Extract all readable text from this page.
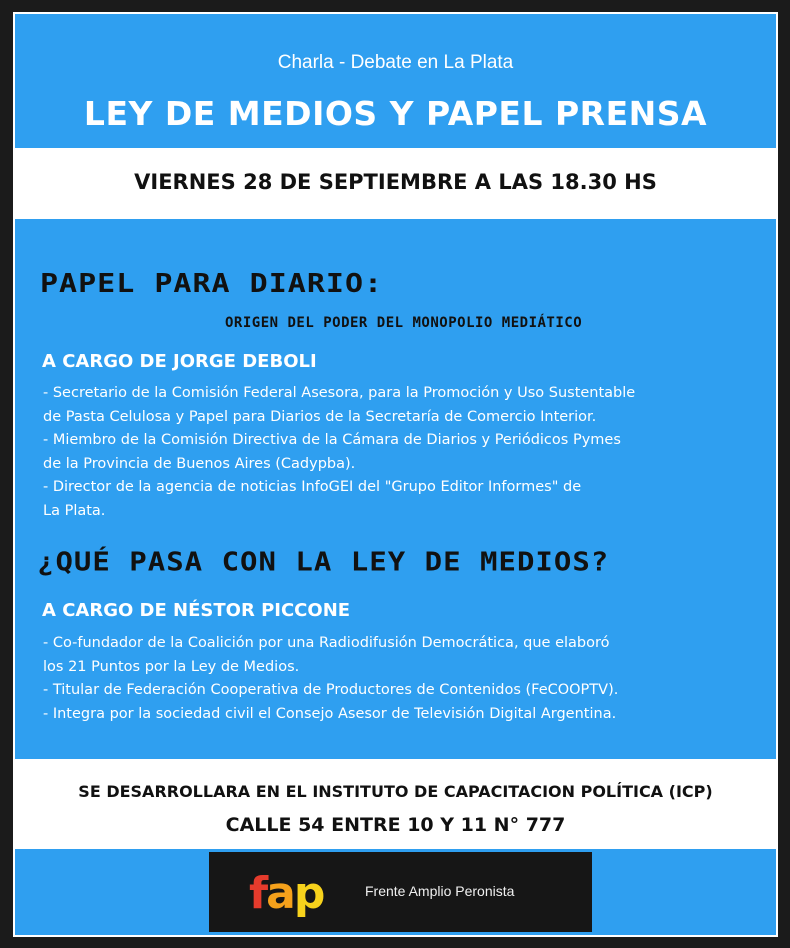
Charla - Debate en La Plata
LEY DE MEDIOS Y PAPEL PRENSA
VIERNES 28 DE SEPTIEMBRE A LAS 18.30 HS
PAPEL PARA DIARIO:
ORIGEN DEL PODER DEL MONOPOLIO MEDIÁTICO
A CARGO DE JORGE DEBOLI
- Secretario de la Comisión Federal Asesora, para la Promoción y Uso Sustentable
de Pasta Celulosa y Papel para Diarios de la Secretaría de Comercio Interior.
- Miembro de la Comisión Directiva de la Cámara de Diarios y Periódicos Pymes
de la Provincia de Buenos Aires (Cadypba).
- Director de la agencia de noticias InfoGEI del "Grupo Editor Informes" de
La Plata.
¿QUÉ PASA CON LA LEY DE MEDIOS?
A CARGO DE NÉSTOR PICCONE
- Co-fundador de la Coalición por una Radiodifusión Democrática, que elaboró
los 21 Puntos por la Ley de Medios.
- Titular de Federación Cooperativa de Productores de Contenidos (FeCOOPTV).
- Integra por la sociedad civil el Consejo Asesor de Televisión Digital Argentina.
SE DESARROLLARA EN EL INSTITUTO DE CAPACITACION POLÍTICA (ICP)
CALLE 54 ENTRE 10 Y 11 N° 777
fap	Frente Amplio Peronista
